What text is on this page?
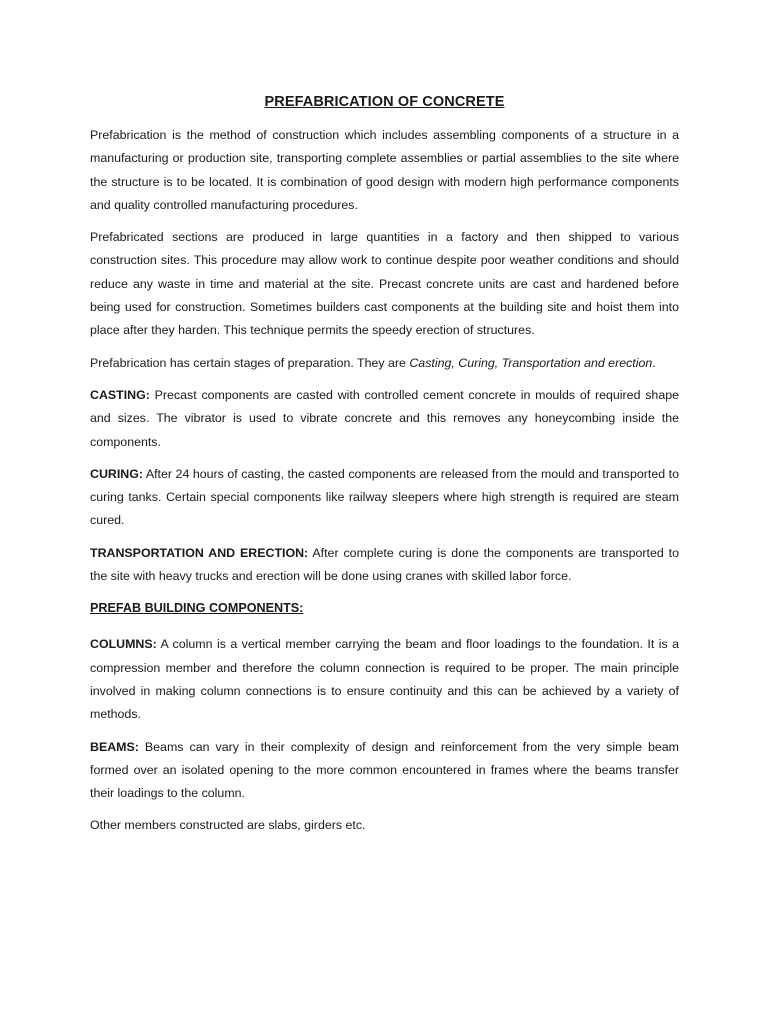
PREFABRICATION OF CONCRETE

Prefabrication is the method of construction which includes assembling components of a structure in a manufacturing or production site, transporting complete assemblies or partial assemblies to the site where the structure is to be located. It is combination of good design with modern high performance components and quality controlled manufacturing procedures.

Prefabricated sections are produced in large quantities in a factory and then shipped to various construction sites. This procedure may allow work to continue despite poor weather conditions and should reduce any waste in time and material at the site. Precast concrete units are cast and hardened before being used for construction. Sometimes builders cast components at the building site and hoist them into place after they harden. This technique permits the speedy erection of structures.

Prefabrication has certain stages of preparation. They are Casting, Curing, Transportation and erection.

CASTING: Precast components are casted with controlled cement concrete in moulds of required shape and sizes. The vibrator is used to vibrate concrete and this removes any honeycombing inside the components.

CURING: After 24 hours of casting, the casted components are released from the mould and transported to curing tanks. Certain special components like railway sleepers where high strength is required are steam cured.

TRANSPORTATION AND ERECTION: After complete curing is done the components are transported to the site with heavy trucks and erection will be done using cranes with skilled labor force.

PREFAB BUILDING COMPONENTS:

COLUMNS: A column is a vertical member carrying the beam and floor loadings to the foundation. It is a compression member and therefore the column connection is required to be proper. The main principle involved in making column connections is to ensure continuity and this can be achieved by a variety of methods.

BEAMS: Beams can vary in their complexity of design and reinforcement from the very simple beam formed over an isolated opening to the more common encountered in frames where the beams transfer their loadings to the column.

Other members constructed are slabs, girders etc.
